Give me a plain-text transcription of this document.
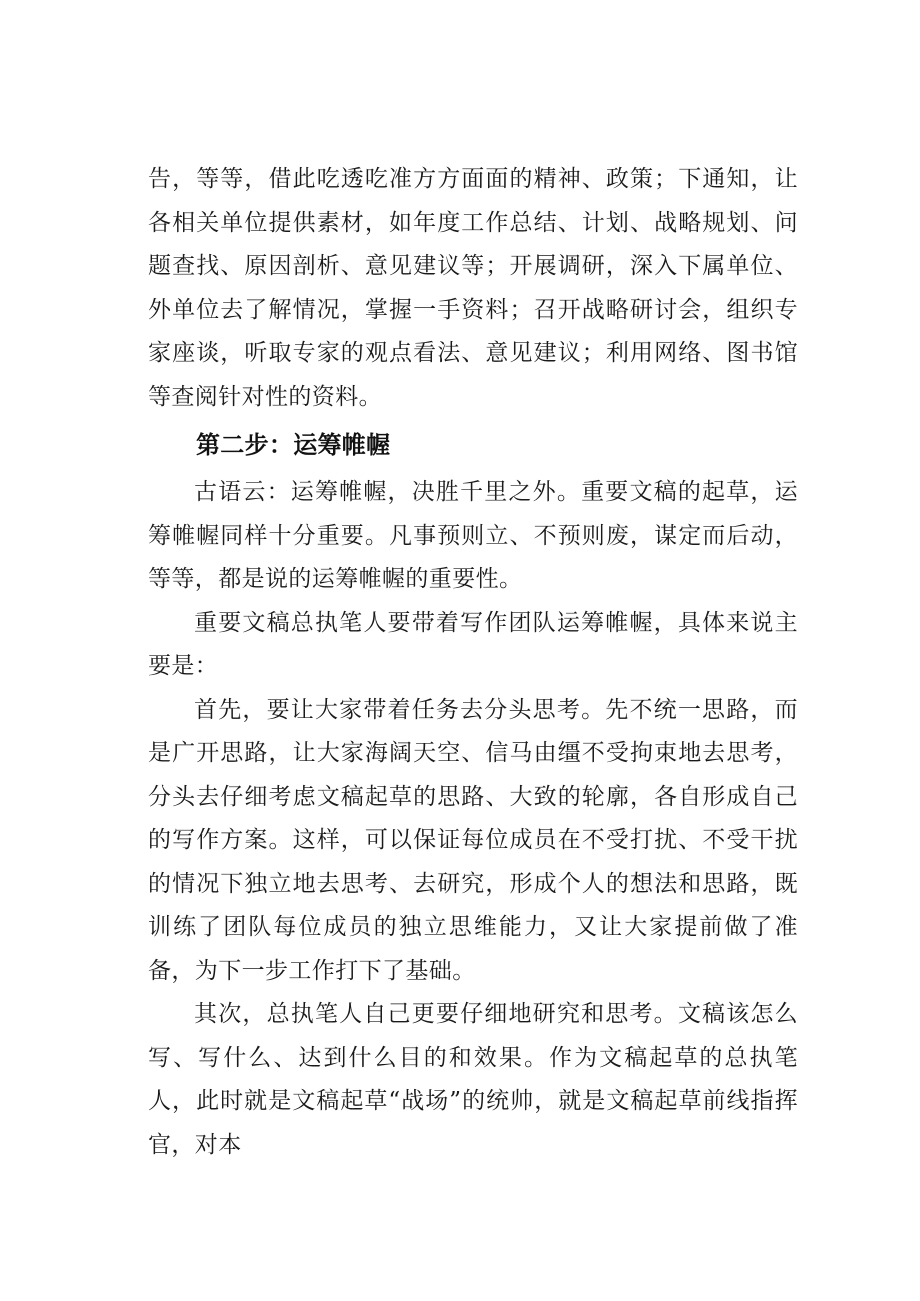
告，等等，借此吃透吃准方方面面的精神、政策；下通知，让各相关单位提供素材，如年度工作总结、计划、战略规划、问题查找、原因剖析、意见建议等；开展调研，深入下属单位、外单位去了解情况，掌握一手资料；召开战略研讨会，组织专家座谈，听取专家的观点看法、意见建议；利用网络、图书馆等查阅针对性的资料。

第二步：运筹帷幄

古语云：运筹帷幄，决胜千里之外。重要文稿的起草，运筹帷幄同样十分重要。凡事预则立、不预则废，谋定而后动，等等，都是说的运筹帷幄的重要性。

重要文稿总执笔人要带着写作团队运筹帷幄，具体来说主要是：

首先，要让大家带着任务去分头思考。先不统一思路，而是广开思路，让大家海阔天空、信马由缰不受拘束地去思考，分头去仔细考虑文稿起草的思路、大致的轮廓，各自形成自己的写作方案。这样，可以保证每位成员在不受打扰、不受干扰的情况下独立地去思考、去研究，形成个人的想法和思路，既训练了团队每位成员的独立思维能力，又让大家提前做了准备，为下一步工作打下了基础。

其次，总执笔人自己更要仔细地研究和思考。文稿该怎么写、写什么、达到什么目的和效果。作为文稿起草的总执笔人，此时就是文稿起草“战场”的统帅，就是文稿起草前线指挥官，对本
